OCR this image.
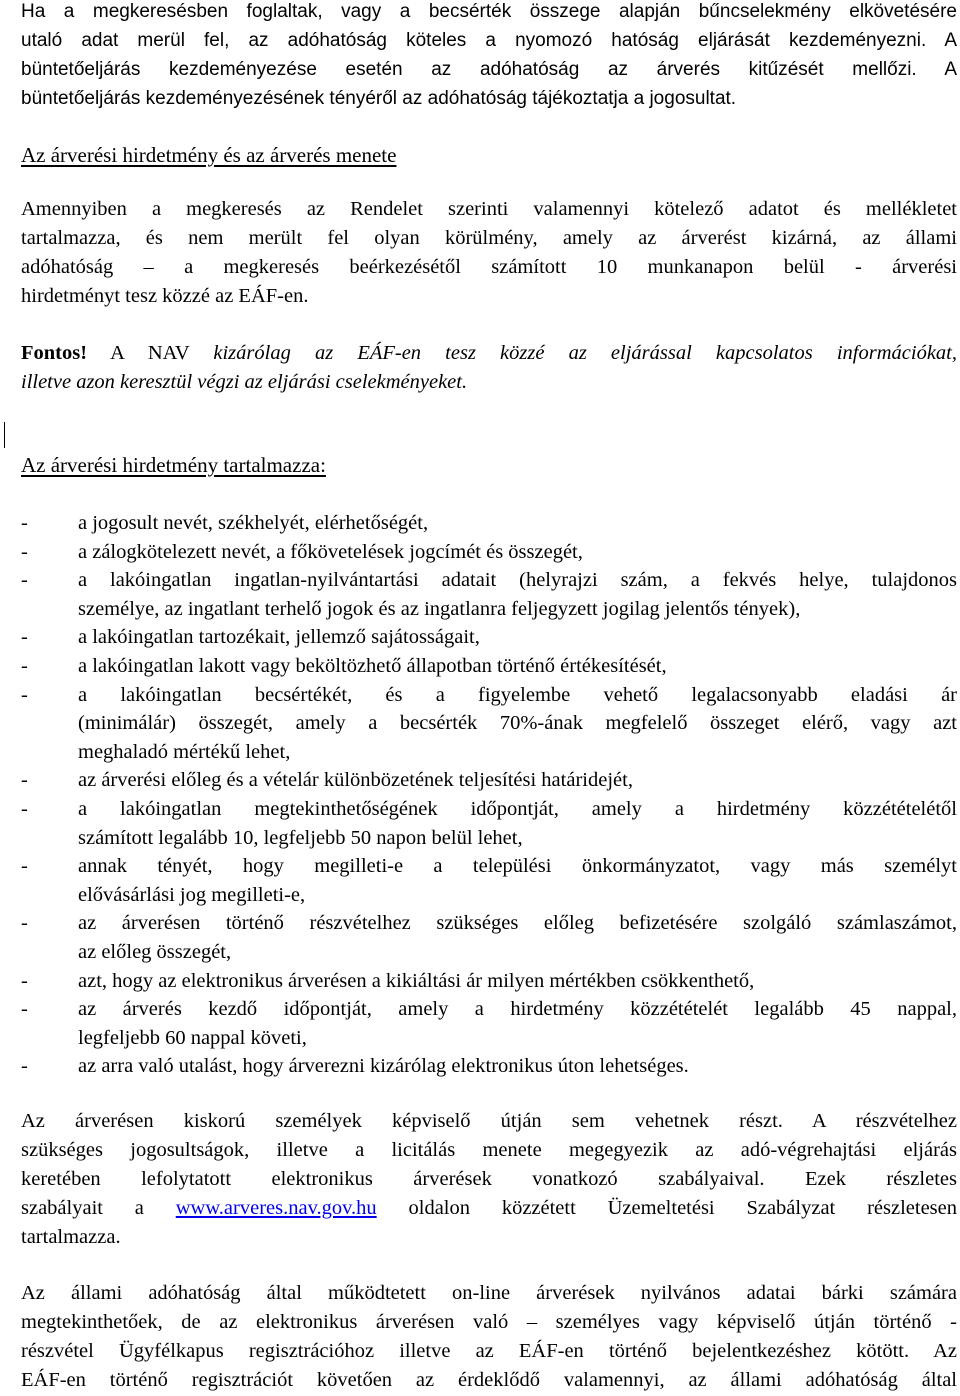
Ha a megkeresésben foglaltak, vagy a becsérték összege alapján bűncselekmény elkövetésére
utaló adat merül fel, az adóhatóság köteles a nyomozó hatóság eljárását kezdeményezni. A
büntetőeljárás kezdeményezése esetén az adóhatóság az árverés kitűzését mellőzi. A
büntetőeljárás kezdeményezésének tényéről az adóhatóság tájékoztatja a jogosultat.
Az árverési hirdetmény és az árverés menete
Amennyiben a megkeresés az Rendelet szerinti valamennyi kötelező adatot és mellékletet
tartalmazza, és nem merült fel olyan körülmény, amely az árverést kizárná, az állami
adóhatóság – a megkeresés beérkezésétől számított 10 munkanapon belül - árverési
hirdetményt tesz közzé az EÁF-en.
Fontos! A NAV kizárólag az EÁF-en tesz közzé az eljárással kapcsolatos információkat,
illetve azon keresztül végzi az eljárási cselekményeket.
Az árverési hirdetmény tartalmazza:
- a jogosult nevét, székhelyét, elérhetőségét,
- a zálogkötelezett nevét, a főkövetelések jogcímét és összegét,
- a lakóingatlan ingatlan-nyilvántartási adatait (helyrajzi szám, a fekvés helye, tulajdonos
személye, az ingatlant terhelő jogok és az ingatlanra feljegyzett jogilag jelentős tények),
- a lakóingatlan tartozékait, jellemző sajátosságait,
- a lakóingatlan lakott vagy beköltözhető állapotban történő értékesítését,
- a lakóingatlan becsértékét, és a figyelembe vehető legalacsonyabb eladási ár
(minimálár) összegét, amely a becsérték 70%-ának megfelelő összeget elérő, vagy azt
meghaladó mértékű lehet,
- az árverési előleg és a vételár különbözetének teljesítési határidejét,
- a lakóingatlan megtekinthetőségének időpontját, amely a hirdetmény közzétételétől
számított legalább 10, legfeljebb 50 napon belül lehet,
- annak tényét, hogy megilleti-e a települési önkormányzatot, vagy más személyt
elővásárlási jog megilleti-e,
- az árverésen történő részvételhez szükséges előleg befizetésére szolgáló számlaszámot,
az előleg összegét,
- azt, hogy az elektronikus árverésen a kikiáltási ár milyen mértékben csökkenthető,
- az árverés kezdő időpontját, amely a hirdetmény közzétételét legalább 45 nappal,
legfeljebb 60 nappal követi,
- az arra való utalást, hogy árverezni kizárólag elektronikus úton lehetséges.
Az árverésen kiskorú személyek képviselő útján sem vehetnek részt. A részvételhez
szükséges jogosultságok, illetve a licitálás menete megegyezik az adó-végrehajtási eljárás
keretében lefolytatott elektronikus árverések vonatkozó szabályaival. Ezek részletes
szabályait a www.arveres.nav.gov.hu oldalon közzétett Üzemeltetési Szabályzat részletesen
tartalmazza.
Az állami adóhatóság által működtetett on-line árverések nyilvános adatai bárki számára
megtekinthetőek, de az elektronikus árverésen való – személyes vagy képviselő útján történő -
részvétel Ügyfélkapus regisztrációhoz illetve az EÁF-en történő bejelentkezéshez kötött. Az
EÁF-en történő regisztrációt követően az érdeklődő valamennyi, az állami adóhatóság által
